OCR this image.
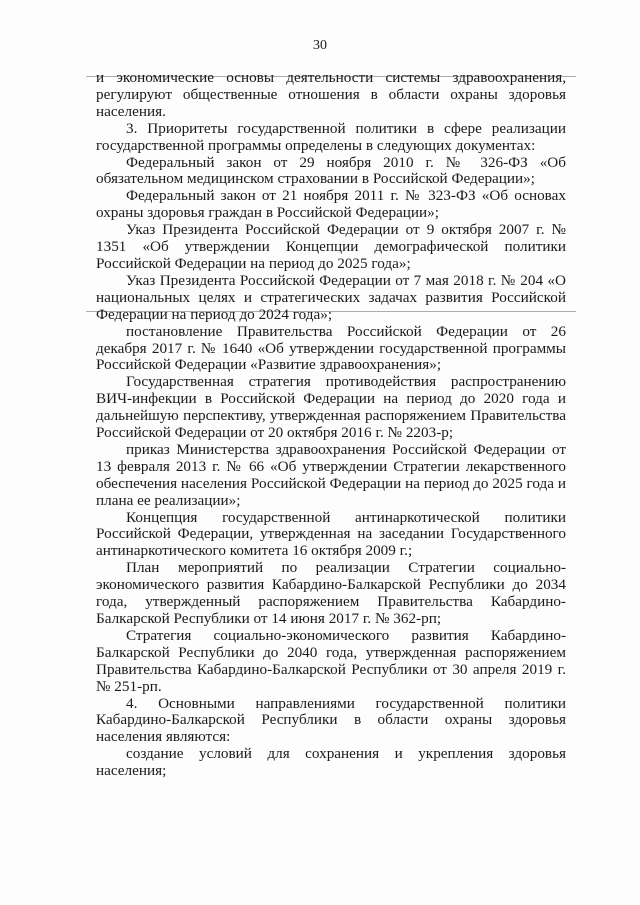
30

и экономические основы деятельности системы здравоохранения, регулируют общественные отношения в области охраны здоровья населения.

3. Приоритеты государственной политики в сфере реализации государственной программы определены в следующих документах:

Федеральный закон от 29 ноября 2010 г. № 326-ФЗ «Об обязательном медицинском страховании в Российской Федерации»;

Федеральный закон от 21 ноября 2011 г. № 323-ФЗ «Об основах охраны здоровья граждан в Российской Федерации»;

Указ Президента Российской Федерации от 9 октября 2007 г. № 1351 «Об утверждении Концепции демографической политики Российской Федерации на период до 2025 года»;

Указ Президента Российской Федерации от 7 мая 2018 г. № 204 «О национальных целях и стратегических задачах развития Российской Федерации на период до 2024 года»;

постановление Правительства Российской Федерации от 26 декабря 2017 г. № 1640 «Об утверждении государственной программы Российской Федерации «Развитие здравоохранения»;

Государственная стратегия противодействия распространению ВИЧ-инфекции в Российской Федерации на период до 2020 года и дальнейшую перспективу, утвержденная распоряжением Правительства Российской Федерации от 20 октября 2016 г. № 2203-р;

приказ Министерства здравоохранения Российской Федерации от 13 февраля 2013 г. № 66 «Об утверждении Стратегии лекарственного обеспечения населения Российской Федерации на период до 2025 года и плана ее реализации»;

Концепция государственной антинаркотической политики Российской Федерации, утвержденная на заседании Государственного антинаркотического комитета 16 октября 2009 г.;

План мероприятий по реализации Стратегии социально-экономического развития Кабардино-Балкарской Республики до 2034 года, утвержденный распоряжением Правительства Кабардино-Балкарской Республики от 14 июня 2017 г. № 362-рп;

Стратегия социально-экономического развития Кабардино-Балкарской Республики до 2040 года, утвержденная распоряжением Правительства Кабардино-Балкарской Республики от 30 апреля 2019 г. № 251-рп.

4. Основными направлениями государственной политики Кабардино-Балкарской Республики в области охраны здоровья населения являются:

создание условий для сохранения и укрепления здоровья населения;
